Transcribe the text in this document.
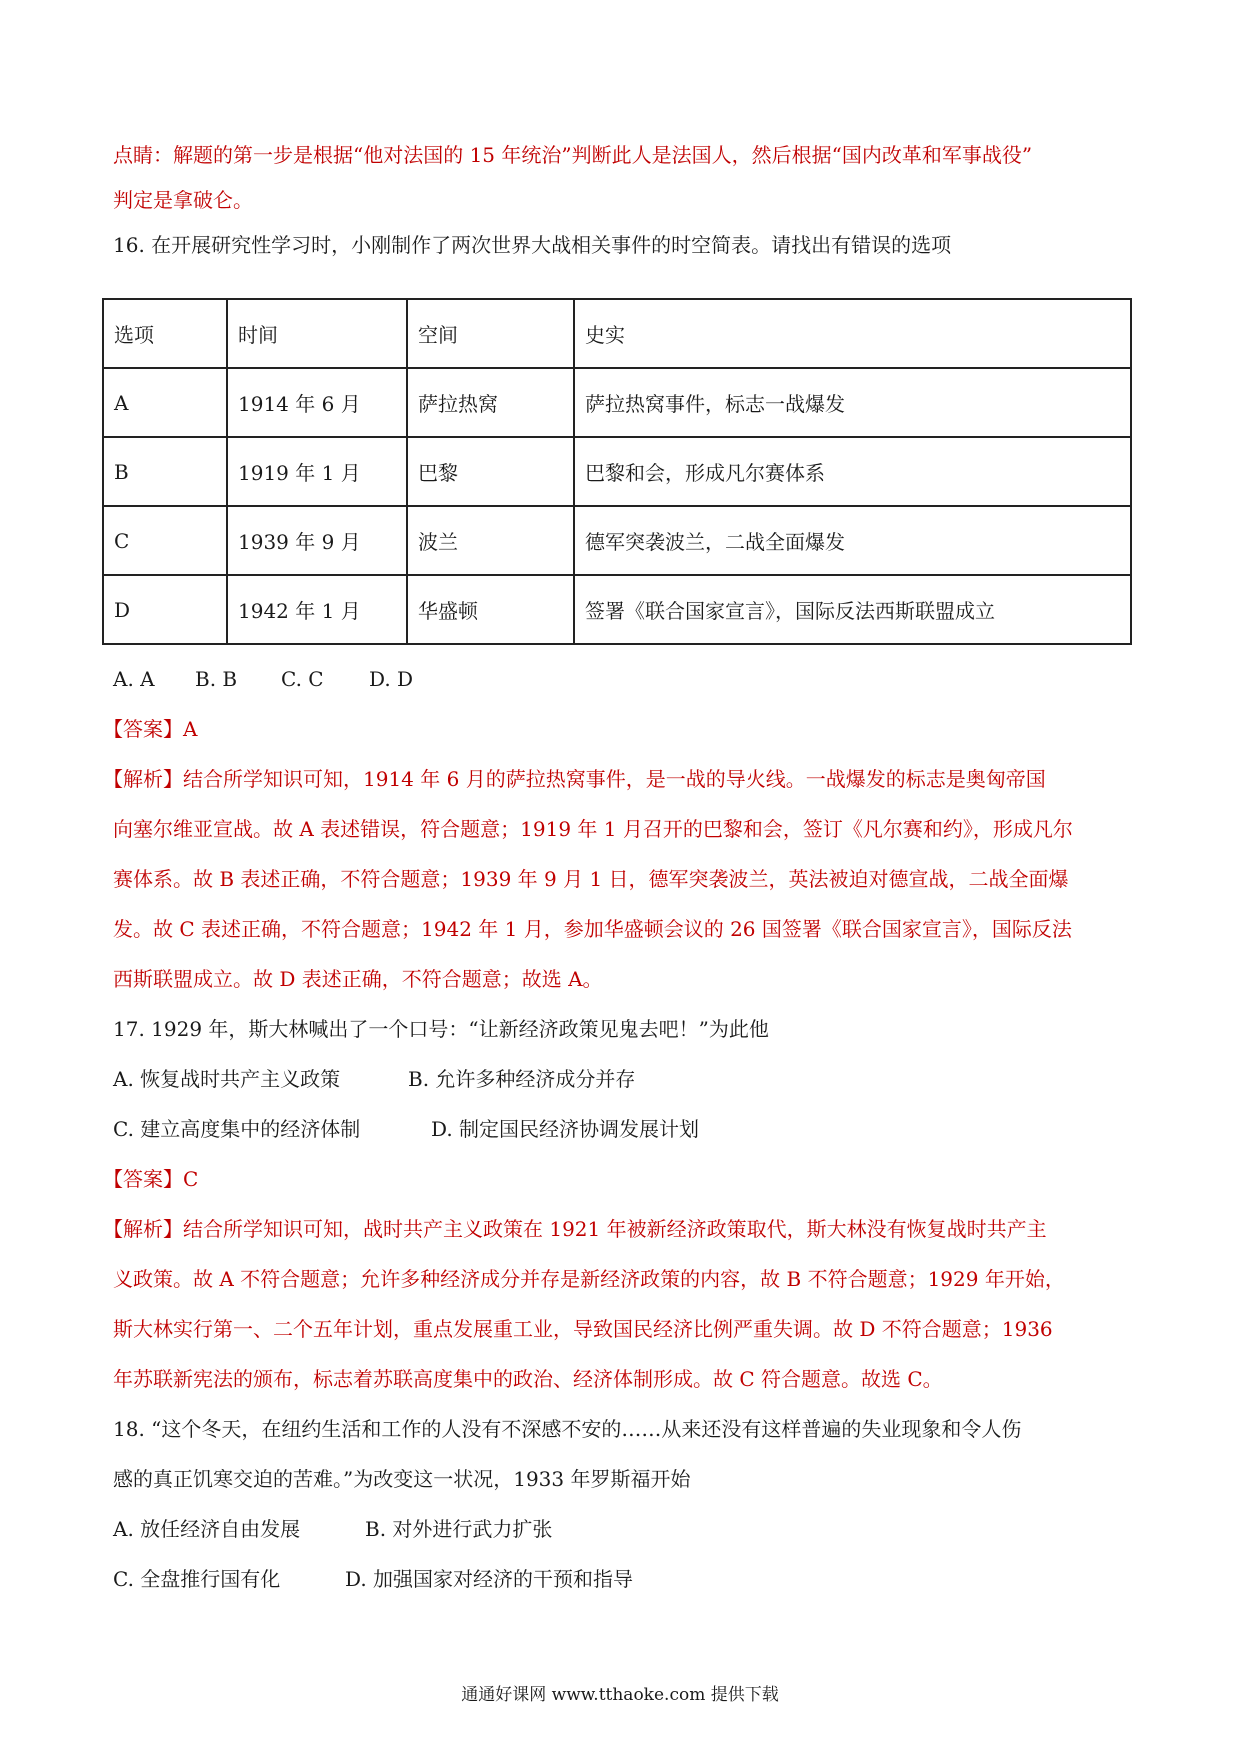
点睛：解题的第一步是根据“他对法国的 15 年统治”判断此人是法国人，然后根据“国内改革和军事战役”
判定是拿破仑。
16. 在开展研究性学习时，小刚制作了两次世界大战相关事件的时空简表。请找出有错误的选项
选项	时间	空间	史实
A	1914 年 6 月	萨拉热窝	萨拉热窝事件，标志一战爆发
B	1919 年 1 月	巴黎	巴黎和会，形成凡尔赛体系
C	1939 年 9 月	波兰	德军突袭波兰，二战全面爆发
D	1942 年 1 月	华盛顿	签署《联合国家宣言》，国际反法西斯联盟成立
A. A B. B C. C D. D
【答案】A
【解析】结合所学知识可知，1914 年 6 月的萨拉热窝事件，是一战的导火线。一战爆发的标志是奥匈帝国
向塞尔维亚宣战。故 A 表述错误，符合题意；1919 年 1 月召开的巴黎和会，签订《凡尔赛和约》，形成凡尔
赛体系。故 B 表述正确，不符合题意；1939 年 9 月 1 日，德军突袭波兰，英法被迫对德宣战，二战全面爆
发。故 C 表述正确，不符合题意；1942 年 1 月，参加华盛顿会议的 26 国签署《联合国家宣言》，国际反法
西斯联盟成立。故 D 表述正确，不符合题意；故选 A。
17. 1929 年，斯大林喊出了一个口号：“让新经济政策见鬼去吧！”为此他
A. 恢复战时共产主义政策	B. 允许多种经济成分并存
C. 建立高度集中的经济体制	D. 制定国民经济协调发展计划
【答案】C
【解析】结合所学知识可知，战时共产主义政策在 1921 年被新经济政策取代，斯大林没有恢复战时共产主
义政策。故 A 不符合题意；允许多种经济成分并存是新经济政策的内容，故 B 不符合题意；1929 年开始，
斯大林实行第一、二个五年计划，重点发展重工业，导致国民经济比例严重失调。故 D 不符合题意；1936
年苏联新宪法的颁布，标志着苏联高度集中的政治、经济体制形成。故 C 符合题意。故选 C。
18. “这个冬天，在纽约生活和工作的人没有不深感不安的……从来还没有这样普遍的失业现象和令人伤
感的真正饥寒交迫的苦难。”为改变这一状况，1933 年罗斯福开始
A. 放任经济自由发展	B. 对外进行武力扩张
C. 全盘推行国有化	D. 加强国家对经济的干预和指导
通通好课网 www.tthaoke.com 提供下载
